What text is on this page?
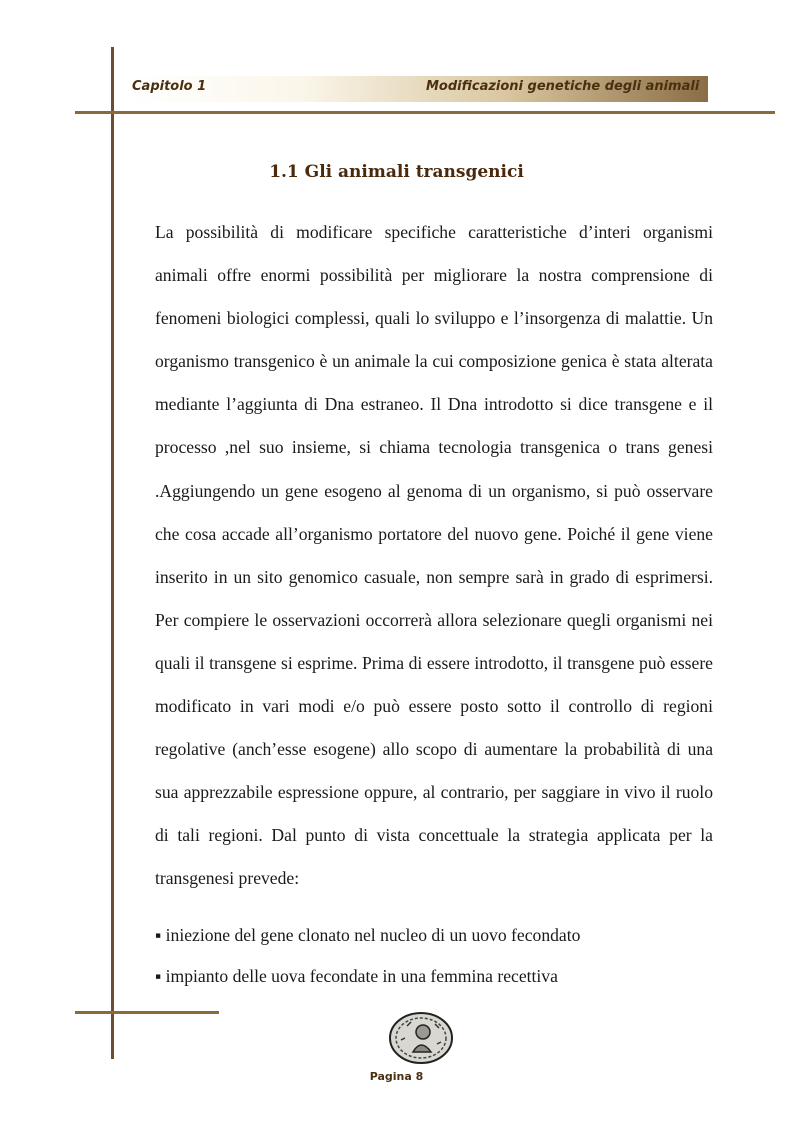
Capitolo 1	Modificazioni genetiche degli animali
1.1 Gli animali transgenici

La possibilità di modificare specifiche caratteristiche d’interi organismi animali offre enormi possibilità per migliorare la nostra comprensione di fenomeni biologici complessi, quali lo sviluppo e l’insorgenza di malattie. Un organismo transgenico è un animale la cui composizione genica è stata alterata mediante l’aggiunta di Dna estraneo. Il Dna introdotto si dice transgene e il processo ,nel suo insieme, si chiama tecnologia transgenica o trans genesi .Aggiungendo un gene esogeno al genoma di un organismo, si può osservare che cosa accade all’organismo portatore del nuovo gene. Poiché il gene viene inserito in un sito genomico casuale, non sempre sarà in grado di esprimersi. Per compiere le osservazioni occorrerà allora selezionare quegli organismi nei quali il transgene si esprime. Prima di essere introdotto, il transgene può essere modificato in vari modi e/o può essere posto sotto il controllo di regioni regolative (anch’esse esogene) allo scopo di aumentare la probabilità di una sua apprezzabile espressione oppure, al contrario, per saggiare in vivo il ruolo di tali regioni. Dal punto di vista concettuale la strategia applicata per la transgenesi prevede:

▪ iniezione del gene clonato nel nucleo di un uovo fecondato
▪ impianto delle uova fecondate in una femmina recettiva
Pagina 8
